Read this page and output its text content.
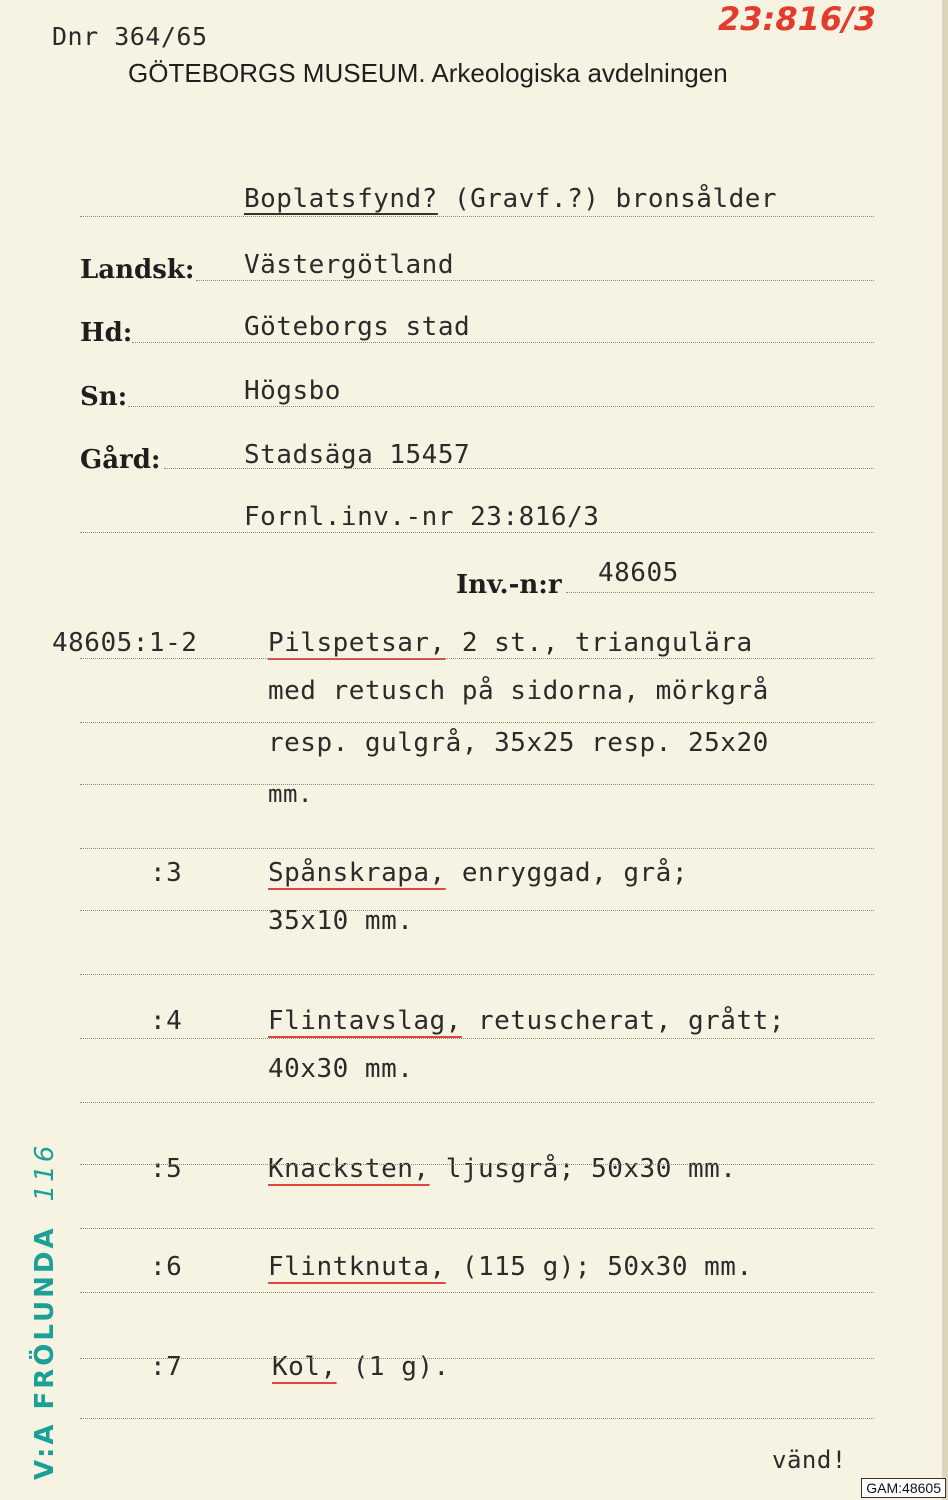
Dnr 364/65	23:816/3
GÖTEBORGS MUSEUM. Arkeologiska avdelningen
Boplatsfynd? (Gravf.?) bronsålder
Landsk: Västergötland
Hd:	Göteborgs stad
Sn:	Högsbo
Gård:	Stadsäga 15457
Fornl.inv.-nr 23:816/3
Inv.-n:r 48605
48605:1-2	Pilspetsar, 2 st., triangulära
med retusch på sidorna, mörkgrå
resp. gulgrå, 35x25 resp. 25x20
mm.
:3	Spånskrapa, enryggad, grå;
35x10 mm.
:4	Flintavslag, retuscherat, grått;
40x30 mm.
:5	Knacksten, ljusgrå; 50x30 mm.
:6	Flintknuta, (115 g); 50x30 mm.
:7	Kol, (1 g).
vänd!
V:A FRÖLUNDA116
GAM:48605
